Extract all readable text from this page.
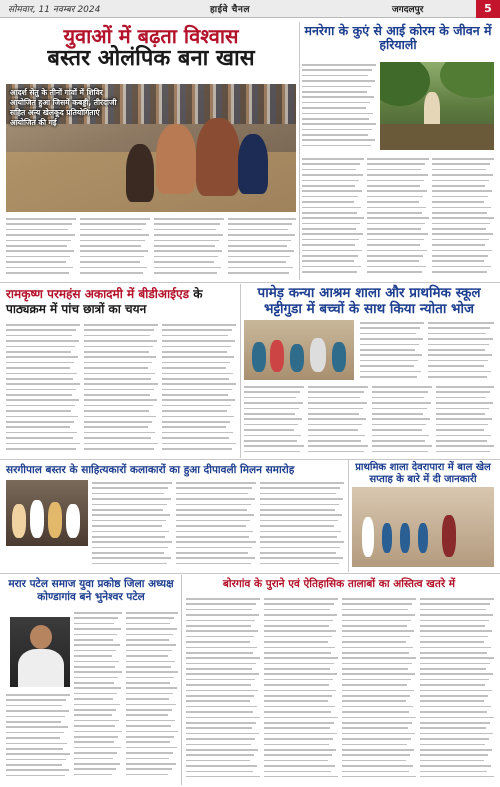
सोमवार, 11 नवम्बर 2024	हाईवे चैनल	जगदलपुर	5
युवाओं में बढ़ता विश्वास
बस्तर ओलंपिक बना खास
आदर्श सेतु के तीनों गांवों में शिविर आयोजित हुआ जिसमें कबड्डी, तीरंदाजी सहित अन्य खेलकूद प्रतियोगिताएं आयोजित की गई
मनरेगा के कुएं से आई कोरम के जीवन में हरियाली
रामकृष्ण परमहंस अकादमी में बीडीआईएड के पाठ्यक्रम में पांच छात्रों का चयन
पामेड़ कन्या आश्रम शाला और प्राथमिक स्कूल भट्टीगुडा में बच्चों के साथ किया न्योता भोज
सरगीपाल बस्तर के साहित्यकारों कलाकारों का हुआ दीपावली मिलन समारोह	प्राथमिक शाला देवरापारा में बाल खेल सप्ताह के बारे में दी जानकारी
मरार पटेल समाज युवा प्रकोष्ठ जिला अध्यक्ष कोण्डागांव बने भुनेश्वर पटेल
बोरगांव के पुराने एवं ऐतिहासिक तालाबों का अस्तित्व खतरे में
